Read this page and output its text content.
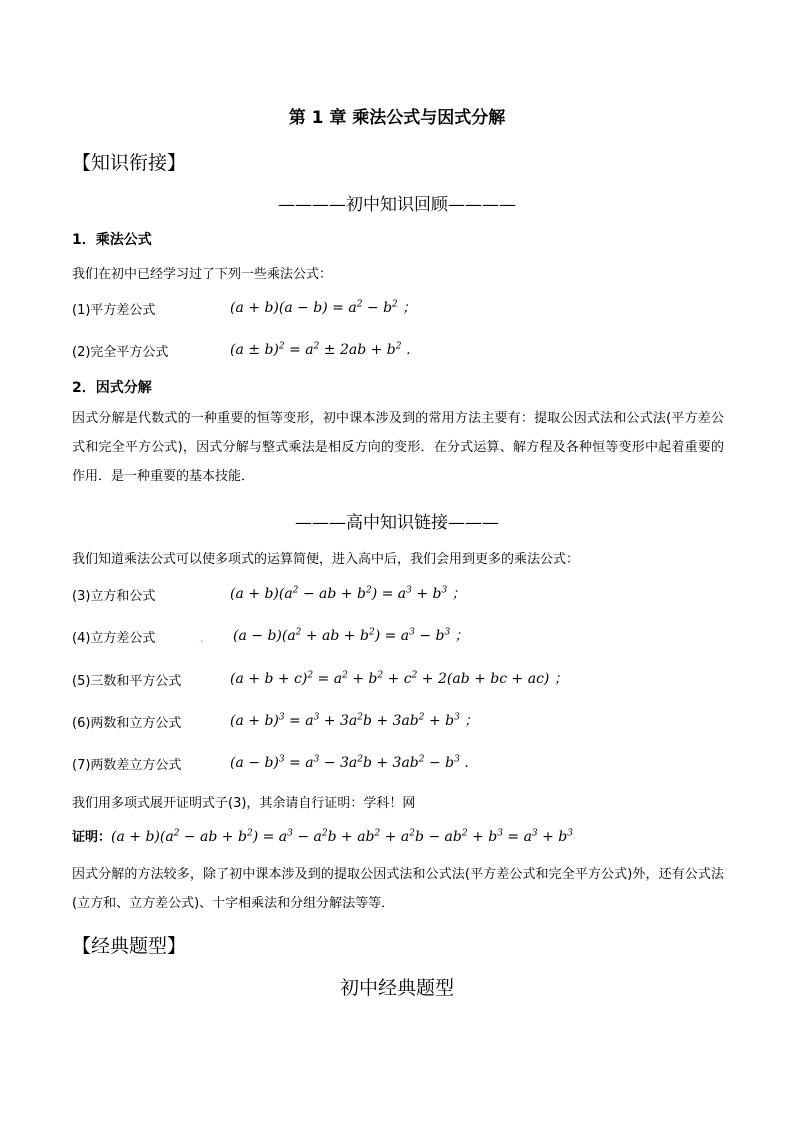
第 1 章 乘法公式与因式分解
【知识衔接】
————初中知识回顾————
1．乘法公式
我们在初中已经学习过了下列一些乘法公式：
(1)平方差公式	$(a + b)(a - b) = a^2 - b^2$ ；
(2)完全平方公式	$(a \pm b)^2 = a^2 \pm 2ab + b^2$ ．
2．因式分解
因式分解是代数式的一种重要的恒等变形，初中课本涉及到的常用方法主要有：提取公因式法和公式法(平方差公式和完全平方公式)，因式分解与整式乘法是相反方向的变形．在分式运算、解方程及各种恒等变形中起着重要的作用．是一种重要的基本技能．
———高中知识链接———
我们知道乘法公式可以使多项式的运算简便，进入高中后，我们会用到更多的乘法公式：
(3)立方和公式	$(a + b)(a^2$ − ab + $b^2) = a^3 + b^3$ ；
(4)立方差公式	. $(a - b)(a^2$ + ab + $b^2) = a^3 - b^3$ ；
(5)三数和平方公式	$(a + b + c)^2 = a^2 + b^2 + c^2 + 2(ab$ + bc + ac) ；
(6)两数和立方公式	$(a + b)^3 = a^3 + 3a^2b + 3ab^2 + b^3$ ；
(7)两数差立方公式	$(a - b)^3 = a^3 - 3a^2b + 3ab^2 - b^3$ ．
我们用多项式展开证明式子(3)，其余请自行证明：学科！网
证明：$(a + b)(a^2$ − ab + $b^2) = a^3 - a^2b + ab^2 + a^2b - ab^2 + b^3 = a^3 + b^3$
因式分解的方法较多，除了初中课本涉及到的提取公因式法和公式法(平方差公式和完全平方公式)外，还有公式法(立方和、立方差公式)、十字相乘法和分组分解法等等．
【经典题型】
初中经典题型
